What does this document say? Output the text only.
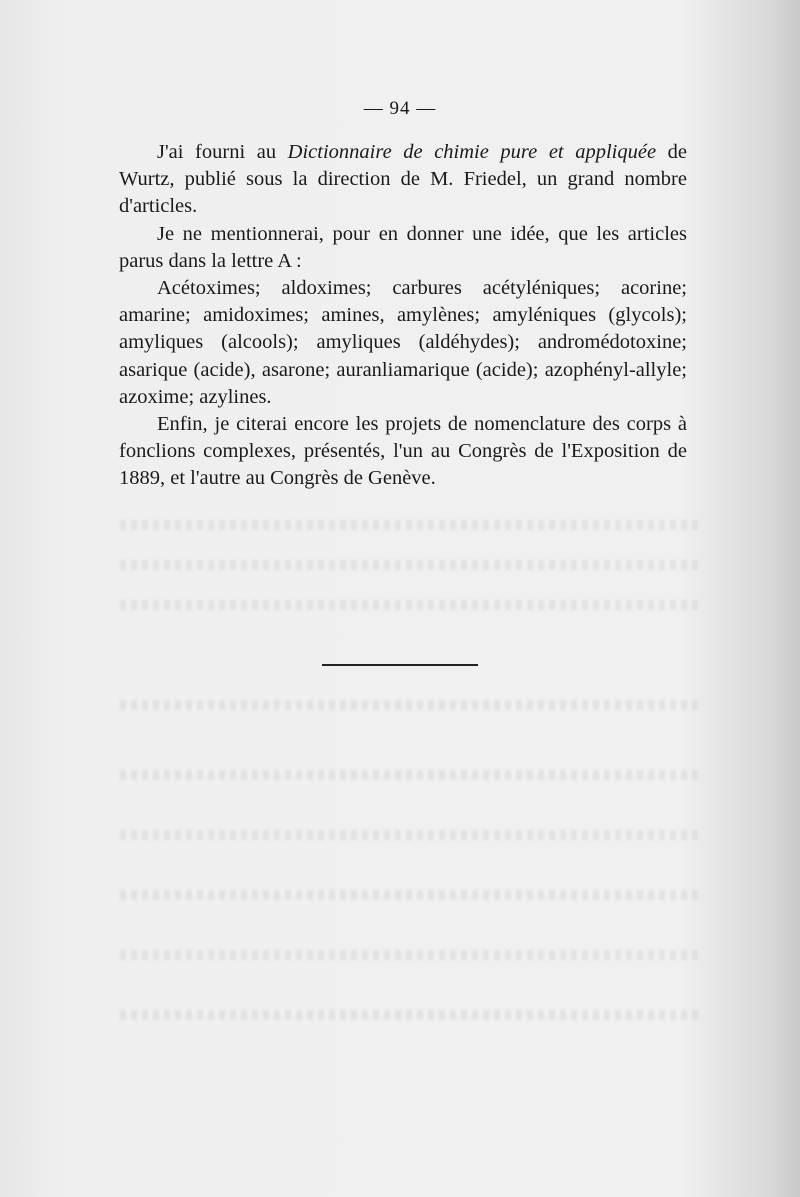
— 94 —

J'ai fourni au Dictionnaire de chimie pure et appliquée de Wurtz, publié sous la direction de M. Friedel, un grand nombre d'articles.

Je ne mentionnerai, pour en donner une idée, que les articles parus dans la lettre A :

Acétoximes; aldoximes; carbures acétyléniques; acorine; amarine; amidoximes; amines, amylènes; amyléniques (glycols); amyliques (alcools); amyliques (aldéhydes); andromédotoxine; asarique (acide), asarone; auranliamarique (acide); azophényl-allyle; azoxime; azylines.

Enfin, je citerai encore les projets de nomenclature des corps à fonclions complexes, présentés, l'un au Congrès de l'Exposition de 1889, et l'autre au Congrès de Genève.
